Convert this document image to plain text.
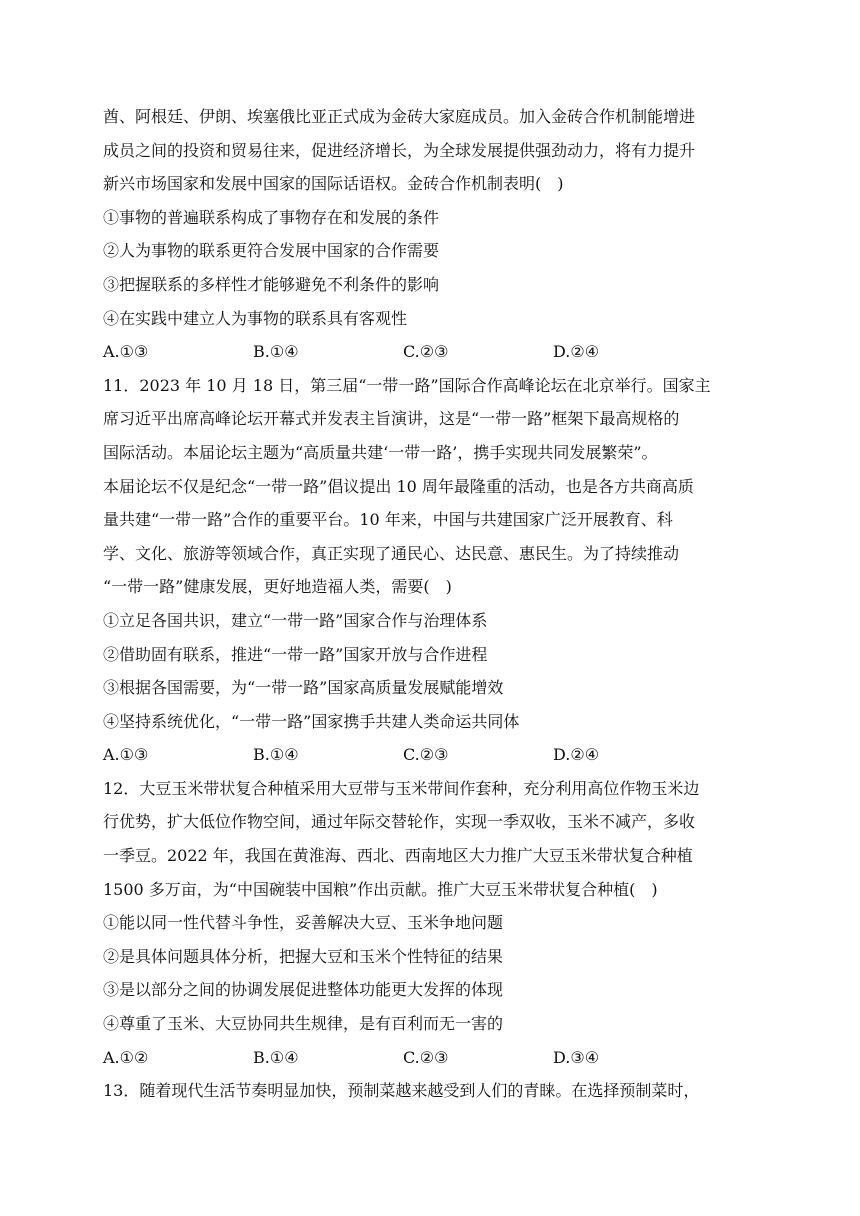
酋、阿根廷、伊朗、埃塞俄比亚正式成为金砖大家庭成员。加入金砖合作机制能增进
成员之间的投资和贸易往来，促进经济增长，为全球发展提供强劲动力，将有力提升
新兴市场国家和发展中国家的国际话语权。金砖合作机制表明(　)
①事物的普遍联系构成了事物存在和发展的条件
②人为事物的联系更符合发展中国家的合作需要
③把握联系的多样性才能够避免不利条件的影响
④在实践中建立人为事物的联系具有客观性
A.①③	B.①④	C.②③	D.②④
11．2023 年 10 月 18 日，第三届“一带一路”国际合作高峰论坛在北京举行。国家主
席习近平出席高峰论坛开幕式并发表主旨演讲，这是“一带一路”框架下最高规格的
国际活动。本届论坛主题为“高质量共建‘一带一路’，携手实现共同发展繁荣”。
本届论坛不仅是纪念“一带一路”倡议提出 10 周年最隆重的活动，也是各方共商高质
量共建“一带一路”合作的重要平台。10 年来，中国与共建国家广泛开展教育、科
学、文化、旅游等领域合作，真正实现了通民心、达民意、惠民生。为了持续推动
“一带一路”健康发展，更好地造福人类，需要(　)
①立足各国共识，建立“一带一路”国家合作与治理体系
②借助固有联系，推进“一带一路”国家开放与合作进程
③根据各国需要，为“一带一路”国家高质量发展赋能增效
④坚持系统优化，“一带一路”国家携手共建人类命运共同体
A.①③	B.①④	C.②③	D.②④
12．大豆玉米带状复合种植采用大豆带与玉米带间作套种，充分利用高位作物玉米边
行优势，扩大低位作物空间，通过年际交替轮作，实现一季双收，玉米不减产，多收
一季豆。2022 年，我国在黄淮海、西北、西南地区大力推广大豆玉米带状复合种植
1500 多万亩，为“中国碗装中国粮”作出贡献。推广大豆玉米带状复合种植(　)
①能以同一性代替斗争性，妥善解决大豆、玉米争地问题
②是具体问题具体分析，把握大豆和玉米个性特征的结果
③是以部分之间的协调发展促进整体功能更大发挥的体现
④尊重了玉米、大豆协同共生规律，是有百利而无一害的
A.①②	B.①④	C.②③	D.③④
13．随着现代生活节奏明显加快，预制菜越来越受到人们的青睐。在选择预制菜时，
